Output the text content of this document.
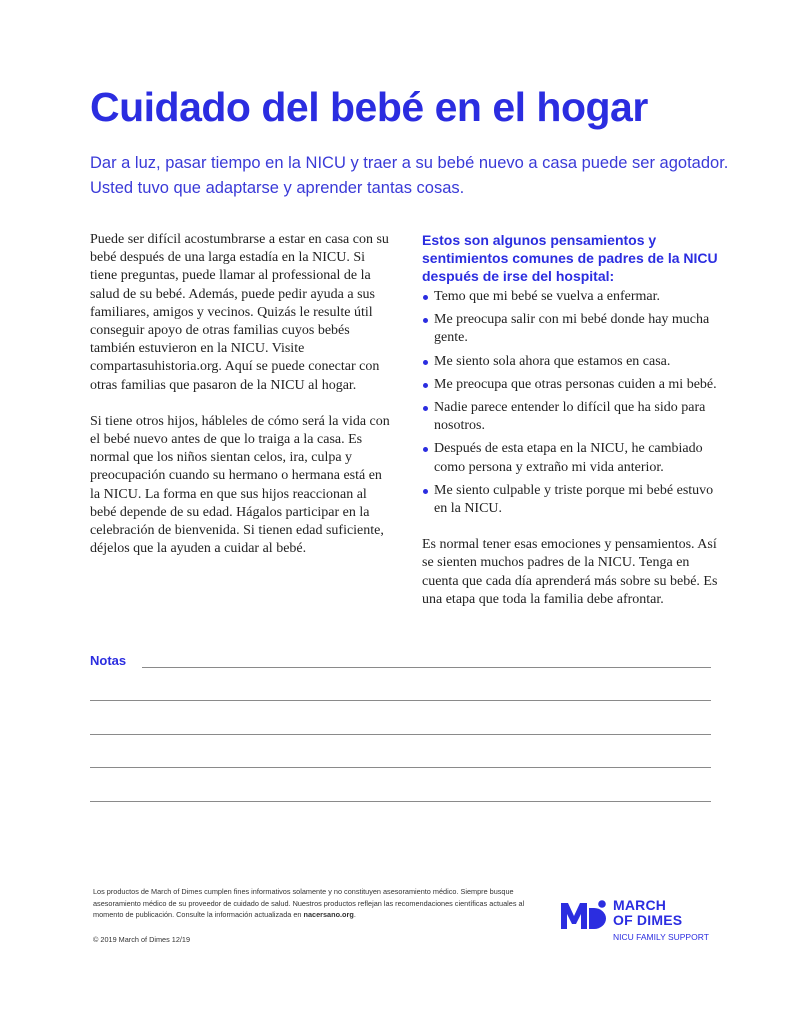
Cuidado del bebé en el hogar

Dar a luz, pasar tiempo en la NICU y traer a su bebé nuevo a casa puede ser agotador. Usted tuvo que adaptarse y aprender tantas cosas.

Puede ser difícil acostumbrarse a estar en casa con su bebé después de una larga estadía en la NICU. Si tiene preguntas, puede llamar al professional de la salud de su bebé. Además, puede pedir ayuda a sus familiares, amigos y vecinos. Quizás le resulte útil conseguir apoyo de otras familias cuyos bebés también estuvieron en la NICU. Visite compartasuhistoria.org. Aquí se puede conectar con otras familias que pasaron de la NICU al hogar.

Si tiene otros hijos, hábleles de cómo será la vida con el bebé nuevo antes de que lo traiga a la casa. Es normal que los niños sientan celos, ira, culpa y preocupación cuando su hermano o hermana está en la NICU. La forma en que sus hijos reaccionan al bebé depende de su edad. Hágalos participar en la celebración de bienvenida. Si tienen edad suficiente, déjelos que la ayuden a cuidar al bebé.

Estos son algunos pensamientos y sentimientos comunes de padres de la NICU después de irse del hospital:
Temo que mi bebé se vuelva a enfermar.
Me preocupa salir con mi bebé donde hay mucha gente.
Me siento sola ahora que estamos en casa.
Me preocupa que otras personas cuiden a mi bebé.
Nadie parece entender lo difícil que ha sido para nosotros.
Después de esta etapa en la NICU, he cambiado como persona y extraño mi vida anterior.
Me siento culpable y triste porque mi bebé estuvo en la NICU.

Es normal tener esas emociones y pensamientos. Así se sienten muchos padres de la NICU. Tenga en cuenta que cada día aprenderá más sobre su bebé. Es una etapa que toda la familia debe afrontar.

Notas

Los productos de March of Dimes cumplen fines informativos solamente y no constituyen asesoramiento médico. Siempre busque asesoramiento médico de su proveedor de cuidado de salud. Nuestros productos reflejan las recomendaciones científicas actuales al momento de publicación. Consulte la información actualizada en nacersano.org.

© 2019 March of Dimes 12/19
MARCH
OF DIMES
NICU FAMILY SUPPORT
